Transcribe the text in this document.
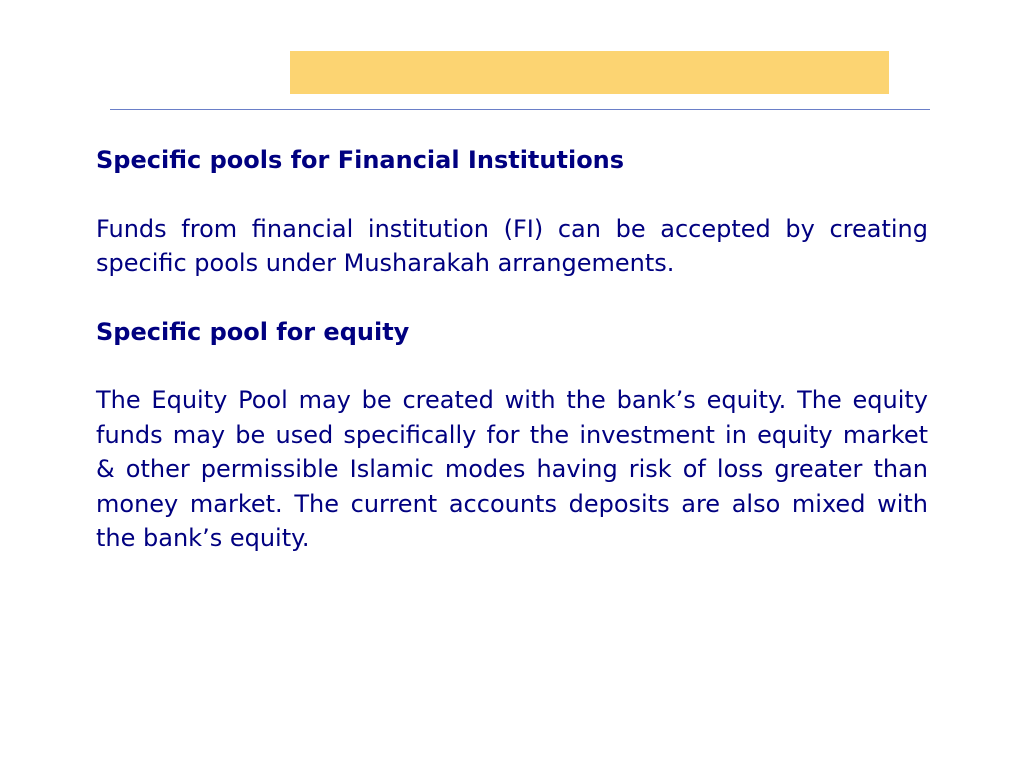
Specific pools for Financial Institutions
Funds from financial institution (FI) can be accepted by creating specific pools under Musharakah arrangements.
Specific pool for equity
The Equity Pool may be created with the bank’s equity. The equity funds may be used specifically for the investment in equity market & other permissible Islamic modes having risk of loss greater than money market. The current accounts deposits are also mixed with the bank’s equity.
